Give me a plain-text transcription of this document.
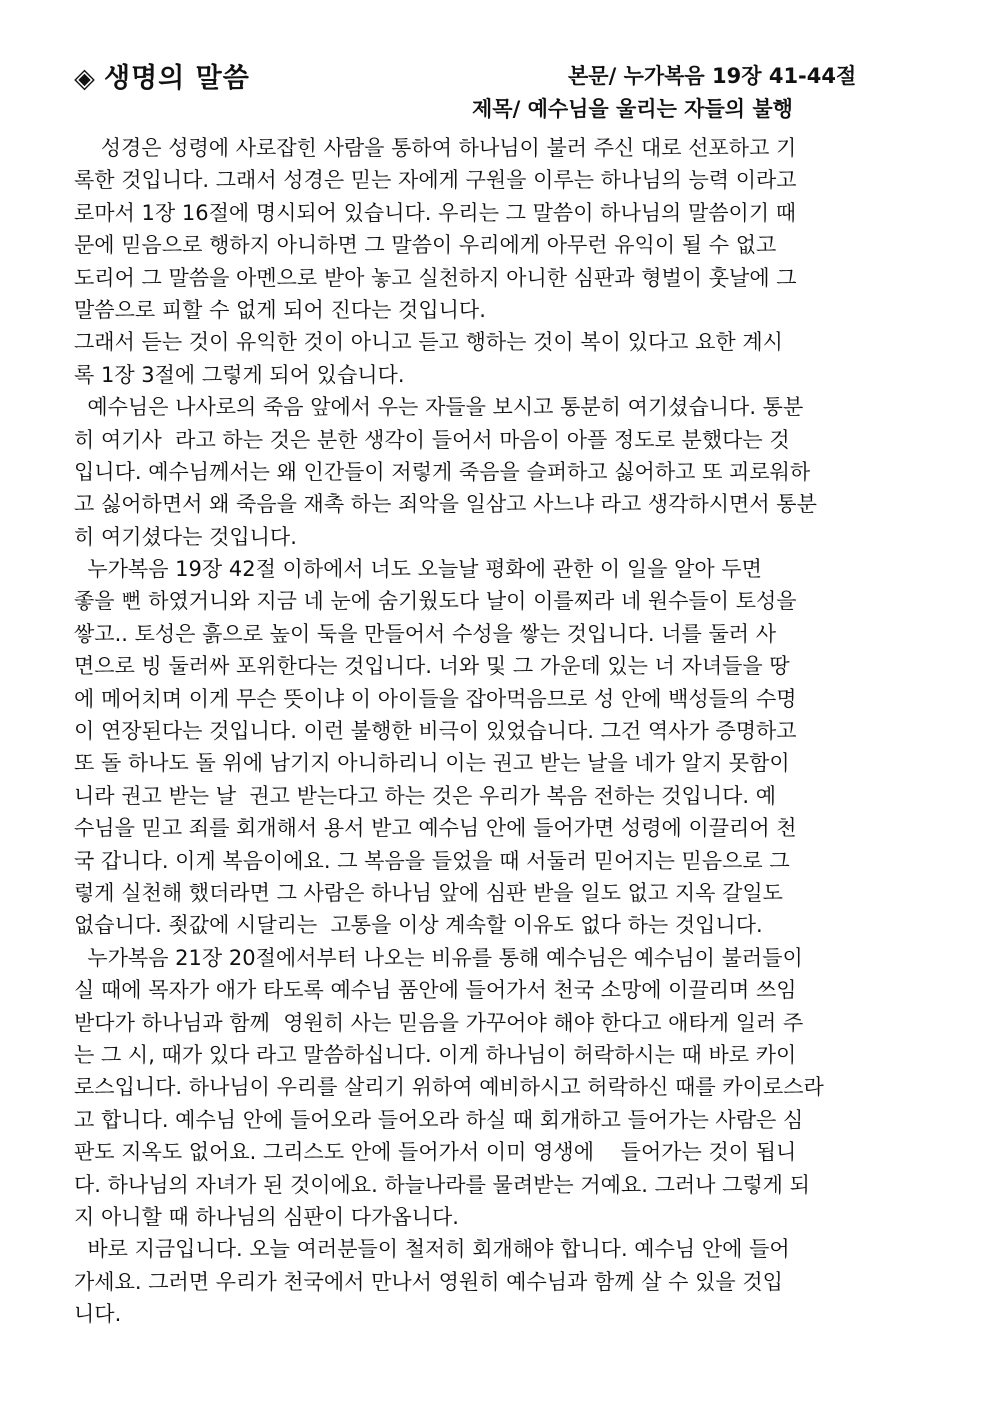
◈ 생명의 말씀	본문/ 누가복음 19장 41-44절
제목/ 예수님을 울리는 자들의 불행
성경은 성령에 사로잡힌 사람을 통하여 하나님이 불러 주신 대로 선포하고 기
록한 것입니다. 그래서 성경은 믿는 자에게 구원을 이루는 하나님의 능력 이라고
로마서 1장 16절에 명시되어 있습니다. 우리는 그 말씀이 하나님의 말씀이기 때
문에 믿음으로 행하지 아니하면 그 말씀이 우리에게 아무런 유익이 될 수 없고
도리어 그 말씀을 아멘으로 받아 놓고 실천하지 아니한 심판과 형벌이 훗날에 그
말씀으로 피할 수 없게 되어 진다는 것입니다.
그래서 듣는 것이 유익한 것이 아니고 듣고 행하는 것이 복이 있다고 요한 계시
록 1장 3절에 그렇게 되어 있습니다.
예수님은 나사로의 죽음 앞에서 우는 자들을 보시고 통분히 여기셨습니다. 통분
히 여기사  라고 하는 것은 분한 생각이 들어서 마음이 아플 정도로 분했다는 것
입니다. 예수님께서는 왜 인간들이 저렇게 죽음을 슬퍼하고 싫어하고 또 괴로워하
고 싫어하면서 왜 죽음을 재촉 하는 죄악을 일삼고 사느냐 라고 생각하시면서 통분
히 여기셨다는 것입니다.
누가복음 19장 42절 이하에서 너도 오늘날 평화에 관한 이 일을 알아 두면
좋을 뻔 하였거니와 지금 네 눈에 숨기웠도다 날이 이를찌라 네 원수들이 토성을
쌓고.. 토성은 흙으로 높이 둑을 만들어서 수성을 쌓는 것입니다. 너를 둘러 사
면으로 빙 둘러싸 포위한다는 것입니다. 너와 및 그 가운데 있는 너 자녀들을 땅
에 메어치며 이게 무슨 뜻이냐 이 아이들을 잡아먹음므로 성 안에 백성들의 수명
이 연장된다는 것입니다. 이런 불행한 비극이 있었습니다. 그건 역사가 증명하고
또 돌 하나도 돌 위에 남기지 아니하리니 이는 권고 받는 날을 네가 알지 못함이
니라 권고 받는 날  권고 받는다고 하는 것은 우리가 복음 전하는 것입니다. 예
수님을 믿고 죄를 회개해서 용서 받고 예수님 안에 들어가면 성령에 이끌리어 천
국 갑니다. 이게 복음이에요. 그 복음을 들었을 때 서둘러 믿어지는 믿음으로 그
렇게 실천해 했더라면 그 사람은 하나님 앞에 심판 받을 일도 없고 지옥 갈일도
없습니다. 죗값에 시달리는  고통을 이상 계속할 이유도 없다 하는 것입니다.
누가복음 21장 20절에서부터 나오는 비유를 통해 예수님은 예수님이 불러들이
실 때에 목자가 애가 타도록 예수님 품안에 들어가서 천국 소망에 이끌리며 쓰임
받다가 하나님과 함께  영원히 사는 믿음을 가꾸어야 해야 한다고 애타게 일러 주
는 그 시, 때가 있다 라고 말씀하십니다. 이게 하나님이 허락하시는 때 바로 카이
로스입니다. 하나님이 우리를 살리기 위하여 예비하시고 허락하신 때를 카이로스라
고 합니다. 예수님 안에 들어오라 들어오라 하실 때 회개하고 들어가는 사람은 심
판도 지옥도 없어요. 그리스도 안에 들어가서 이미 영생에    들어가는 것이 됩니
다. 하나님의 자녀가 된 것이에요. 하늘나라를 물려받는 거예요. 그러나 그렇게 되
지 아니할 때 하나님의 심판이 다가옵니다.
바로 지금입니다. 오늘 여러분들이 철저히 회개해야 합니다. 예수님 안에 들어
가세요. 그러면 우리가 천국에서 만나서 영원히 예수님과 함께 살 수 있을 것입
니다.
